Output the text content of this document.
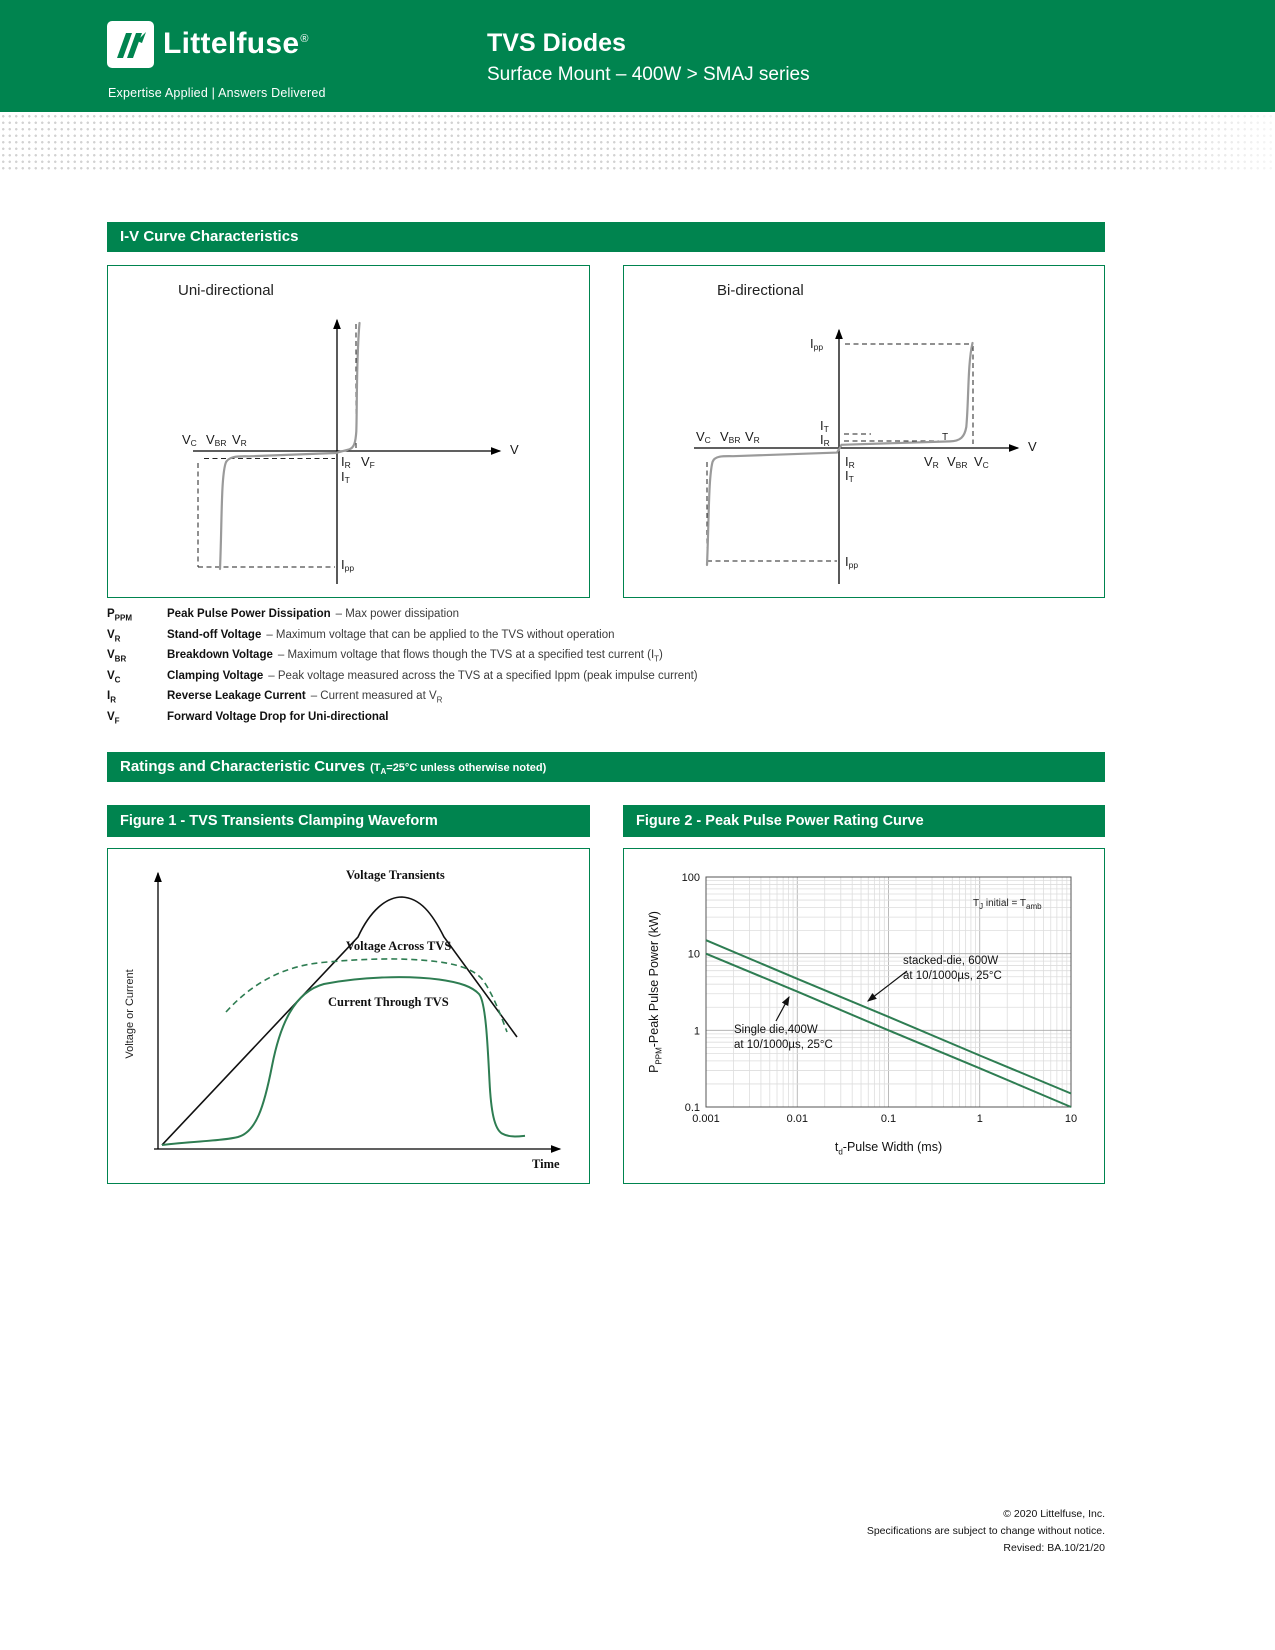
Littelfuse®
Expertise Applied | Answers Delivered
TVS Diodes
Surface Mount – 400W > SMAJ series
I-V Curve Characteristics
Uni-directional
$V_C$ $V_{BR}$ $V_R$	V
$I_R$ $V_F$
$I_T$
$I_{pp}$
Bi-directional
$I_{pp}$
$I_T$
$I_R$	T
$V_C$ $V_{BR}$ $V_R$	V
$V_R$ $V_{BR}$ $V_C$
$I_R$
$I_T$
$I_{pp}$
$P_{PPM}$	Peak Pulse Power Dissipation – Max power dissipation
$V_R$	Stand-off Voltage – Maximum voltage that can be applied to the TVS without operation
$V_{BR}$	Breakdown Voltage – Maximum voltage that flows though the TVS at a specified test current $(I_T)$
$V_C$	Clamping Voltage – Peak voltage measured across the TVS at a specified Ippm (peak impulse current)
$I_R$	Reverse Leakage Current – Current measured at $V_R$
$V_F$	Forward Voltage Drop for Uni-directional
Ratings and Characteristic Curves ($T_A=25^\circ C$ unless otherwise noted)
Figure 1 - TVS Transients Clamping Waveform	Figure 2 - Peak Pulse Power Rating Curve
Voltage Transients
Voltage Across TVS
Current Through TVS
Time
Voltage or Current
100
10
1
0.1
0.001	0.01	0.1	1	10
$T_J$ initial = $T_{amb}$
stacked-die, 600W
at 10/1000µs, 25°C
Single die,400W
at 10/1000µs, 25°C
$P_{PPM}$-Peak Pulse Power (kW)
$t_d$-Pulse Width (ms)
© 2020 Littelfuse, Inc.
Specifications are subject to change without notice.
Revised: BA.10/21/20
